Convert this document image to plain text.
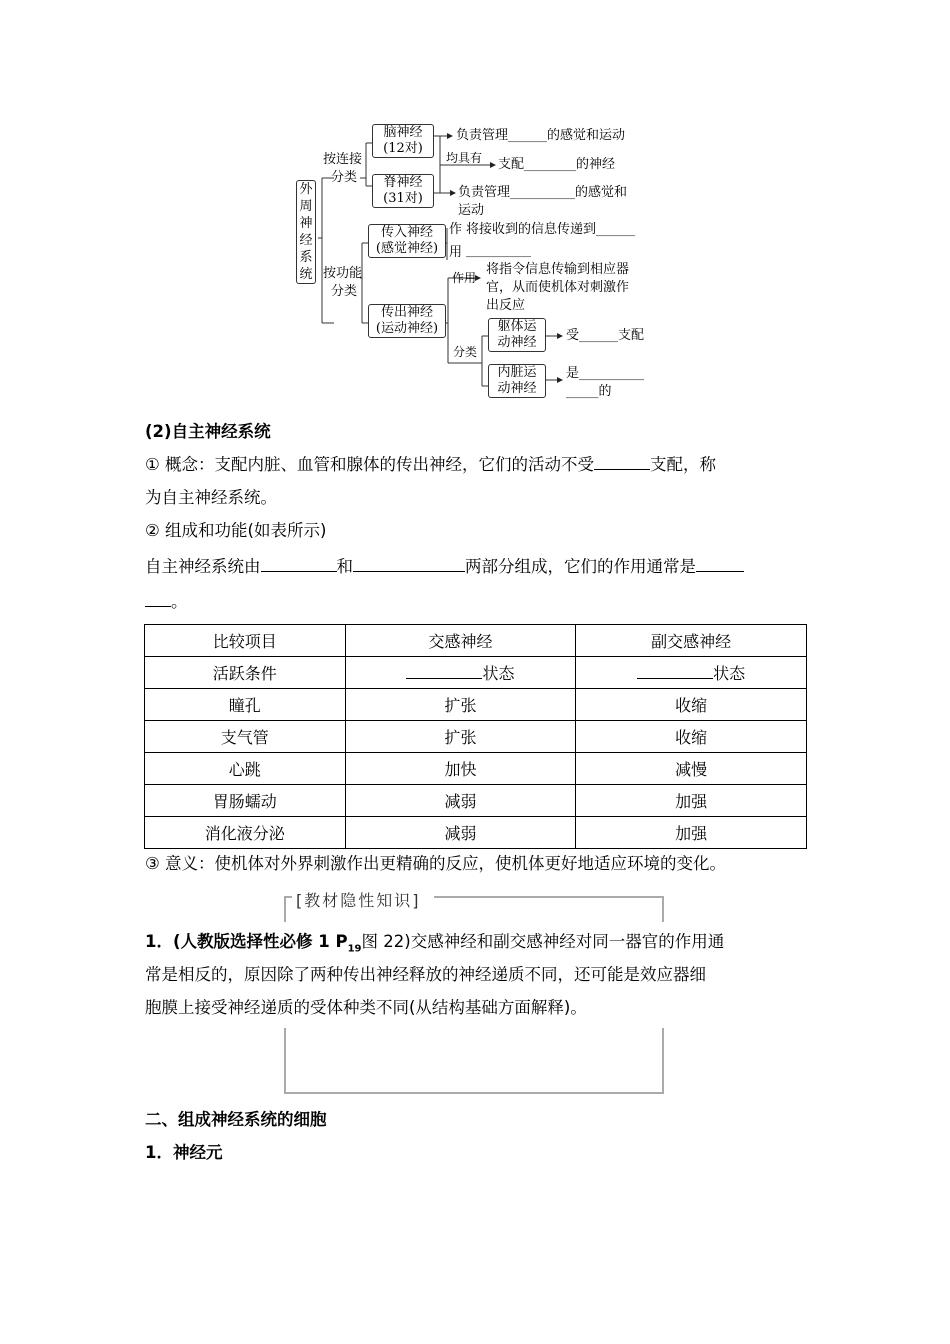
外周神经系统
按连接
分类
按功能
分类
脑神经
(12对)
负责管理______的感觉和运动
均具有 支配________的神经
脊神经
(31对)	负责管理__________的感觉和
运动
传入神经
(感觉神经)
作
用
将接收到的信息传递到______
__________
传出神经
(运动神经)
作用
将指令信息传输到相应器
官，从而使机体对刺激作
出反应
分类
躯体运
动神经	受______支配
内脏运
动神经
是__________
_____的
(2)自主神经系统
① 概念：支配内脏、血管和腺体的传出神经，它们的活动不受	支配，称
为自主神经系统。
② 组成和功能(如表所示)
自主神经系统由	和	两部分组成，它们的作用通常是
。
比较项目	交感神经	副交感神经
活跃条件	状态	状态
瞳孔	扩张	收缩
支气管	扩张	收缩
心跳	加快	减慢
胃肠蠕动	减弱	加强
消化液分泌	减弱	加强
③ 意义：使机体对外界刺激作出更精确的反应，使机体更好地适应环境的变化。
[教材隐性知识]
1．(人教版选择性必修 1 $P_{19}$图 22)交感神经和副交感神经对同一器官的作用通
常是相反的，原因除了两种传出神经释放的神经递质不同，还可能是效应器细
胞膜上接受神经递质的受体种类不同(从结构基础方面解释)。
二、组成神经系统的细胞
1．神经元
